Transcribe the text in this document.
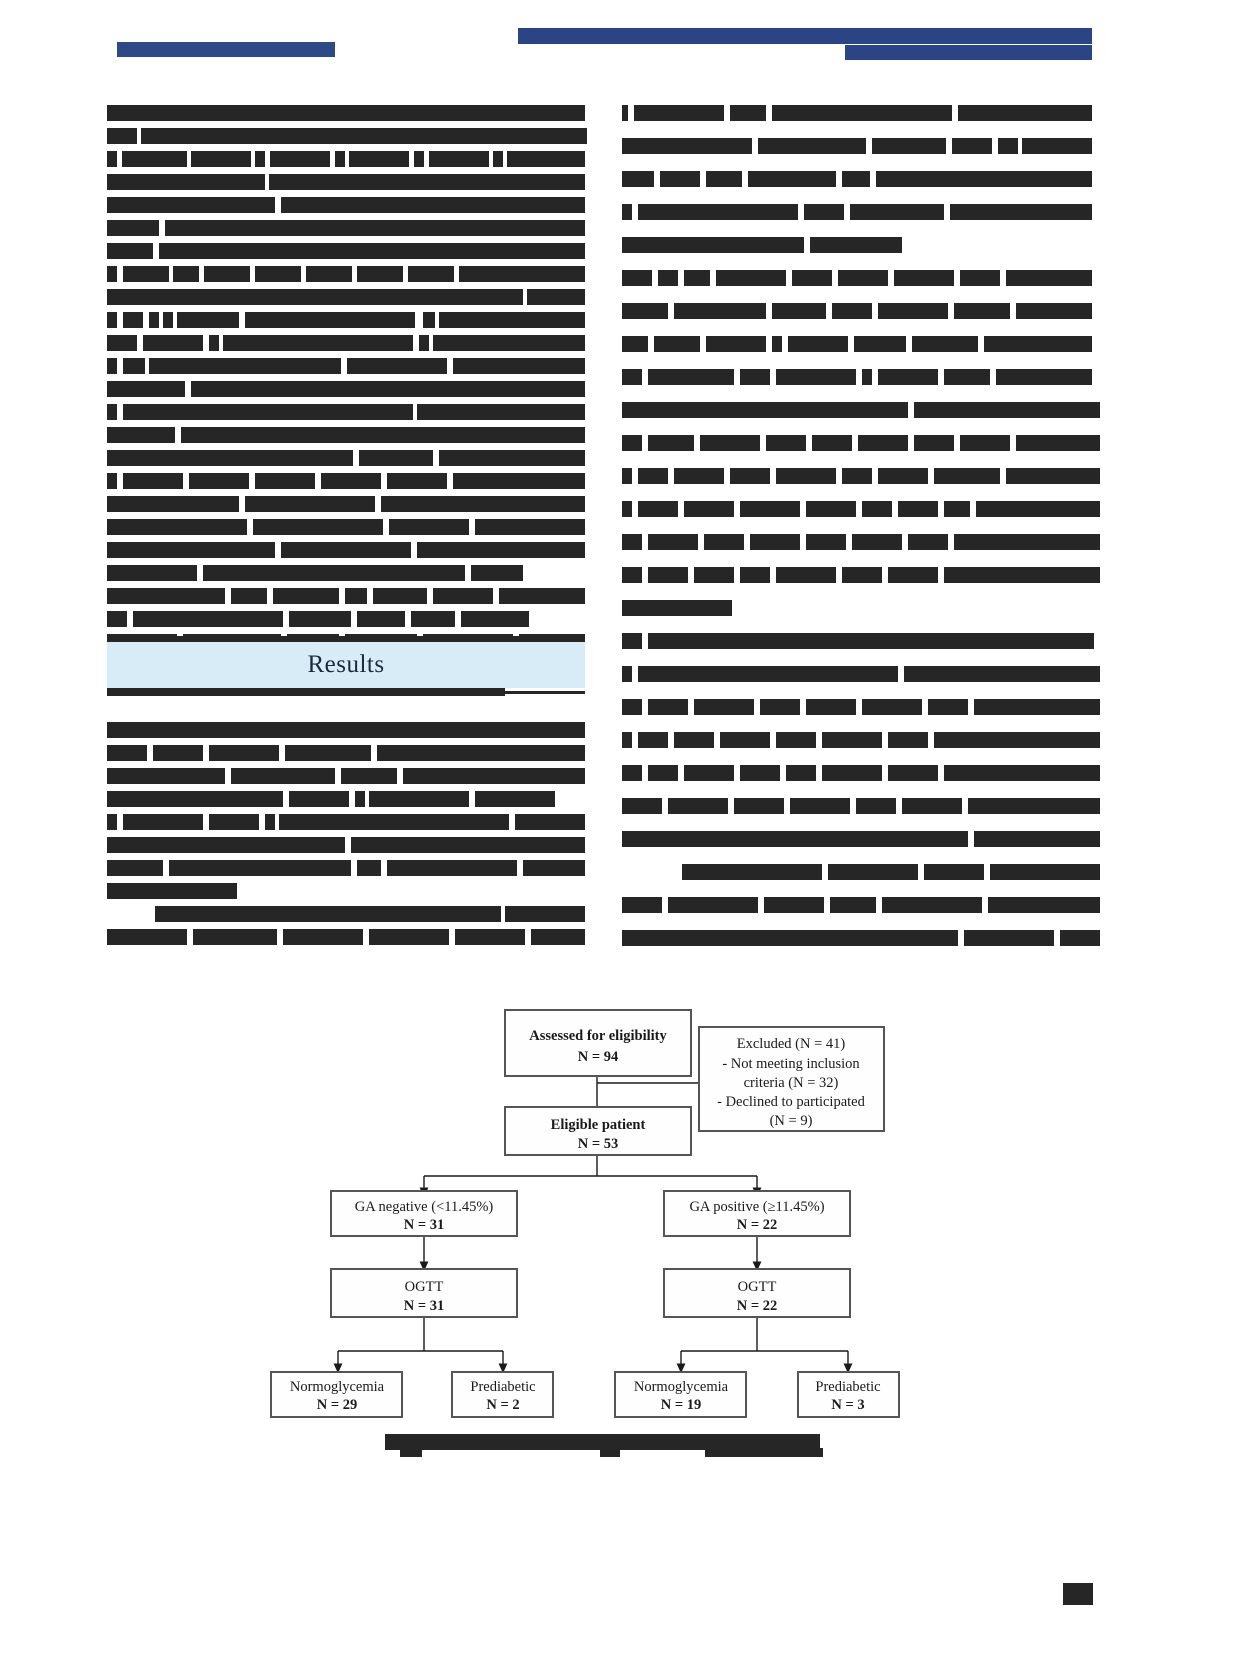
Results
Assessed for eligibility
N = 94
Excluded (N = 41)
- Not meeting inclusion
criteria (N = 32)
- Declined to participated
(N = 9)
Eligible patient
N = 53
GA negative (<11.45%)
N = 31
GA positive (≥11.45%)
N = 22
OGTT
N = 31
OGTT
N = 22
Normoglycemia
N = 29
Prediabetic
N = 2
Normoglycemia
N = 19
Prediabetic
N = 3
